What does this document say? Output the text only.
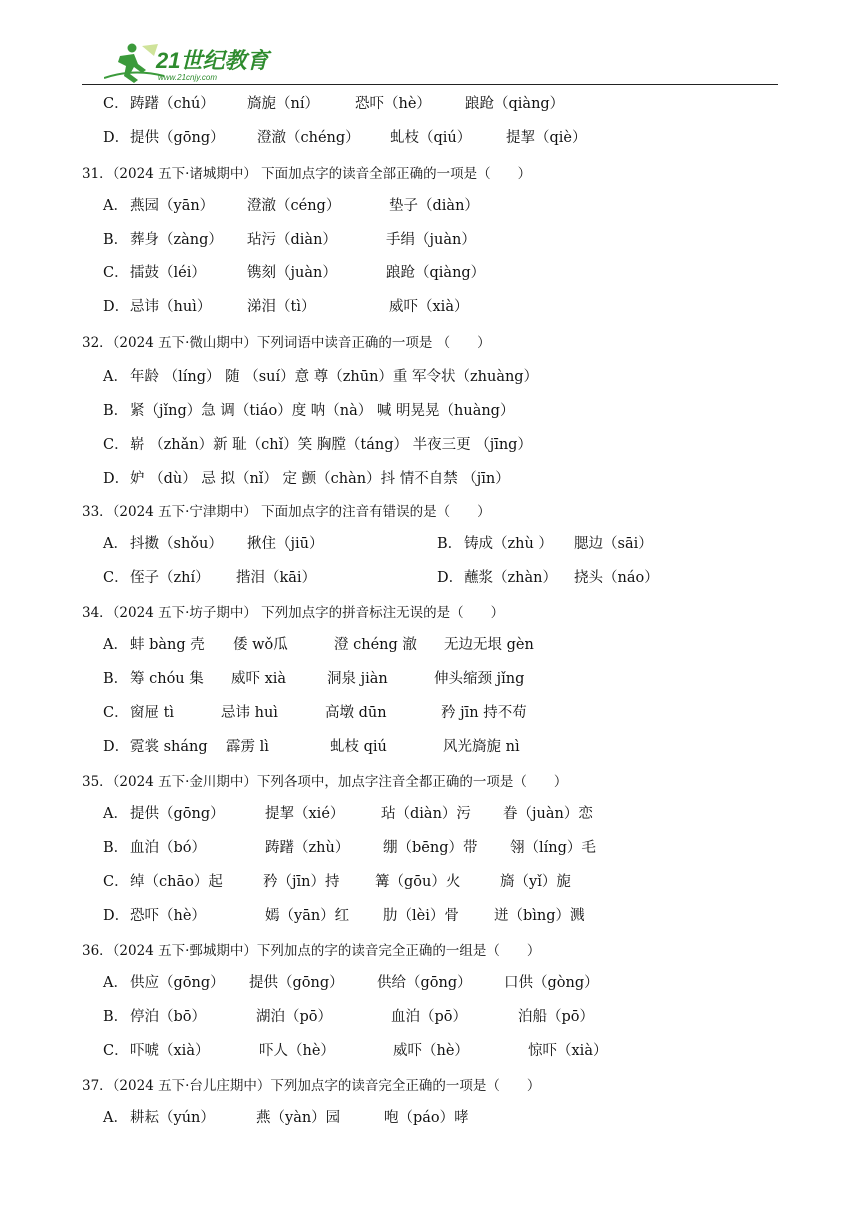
21世纪教育
www.21cnjy.com
C． 踌躇（chú） 旖旎（ní） 恐吓（hè） 踉跄（qiàng）
D． 提供（gōng） 澄澈（chéng） 虬枝（qiú） 提挈（qiè）
31．（2024 五下·诸城期中） 下面加点字的读音全部正确的一项是（　　）
A． 燕园（yān） 澄澈（céng）	垫子（diàn）
B． 葬身（zàng） 玷污（diàn）	手绢（juàn）
C． 擂鼓（léi）	镌刻（juàn）	踉跄（qiàng）
D． 忌讳（huì） 涕泪（tì）	威吓（xià）
32．（2024 五下·微山期中）下列词语中读音正确的一项是 （　　）
A． 年龄 （líng） 随 （suí）意 尊（zhūn）重 军令状（zhuàng）
B． 紧（jǐng）急 调（tiáo）度 呐（nà） 喊 明晃晃（huàng）
C． 崭 （zhǎn）新 耻（chǐ）笑 胸膛（táng） 半夜三更 （jīng）
D． 妒 （dù） 忌 拟（nǐ） 定 颤（chàn）抖 情不自禁 （jīn）
33．（2024 五下·宁津期中） 下面加点字的注音有错误的是（　　）
A． 抖擞（shǒu） 揪住（jiū）	B． 铸成（zhù ） 腮边（sāi）
C． 侄子（zhí） 揩泪（kāi）	D． 蘸浆（zhàn） 挠头（náo）
34．（2024 五下·坊子期中） 下列加点字的拼音标注无误的是（　　）
A． 蚌 bàng 壳 倭 wǒ瓜	澄 chéng 澈 无边无垠 gèn
B． 筹 chóu 集 威吓 xià	洞泉 jiàn	伸头缩颈 jǐng
C． 窗屉 tì	忌讳 huì	高墩 dūn	矜 jīn 持不苟
D． 霓裳 sháng 霹雳 lì	虬枝 qiú	风光旖旎 nì
35．（2024 五下·金川期中）下列各项中，加点字注音全都正确的一项是（　　）
A． 提供（gōng）	提挈（xié）	玷（diàn）污 眷（juàn）恋
B． 血泊（bó）	踌躇（zhù） 绷（bēng）带 翎（líng）毛
C． 绰（chāo）起	矜（jīn）持 篝（gōu）火	旖（yǐ）旎
D． 恐吓（hè）	嫣（yān）红 肋（lèi）骨 迸（bìng）溅
36．（2024 五下·鄄城期中）下列加点的字的读音完全正确的一组是（　　）
A． 供应（gōng） 提供（gōng） 供给（gōng） 口供（gòng）
B． 停泊（bō）	湖泊（pō）	血泊（pō）	泊船（pō）
C． 吓唬（xià）	吓人（hè）	威吓（hè）	惊吓（xià）
37．（2024 五下·台儿庄期中）下列加点字的读音完全正确的一项是（　　）
A． 耕耘（yún）	燕（yàn）园	咆（páo）哮
